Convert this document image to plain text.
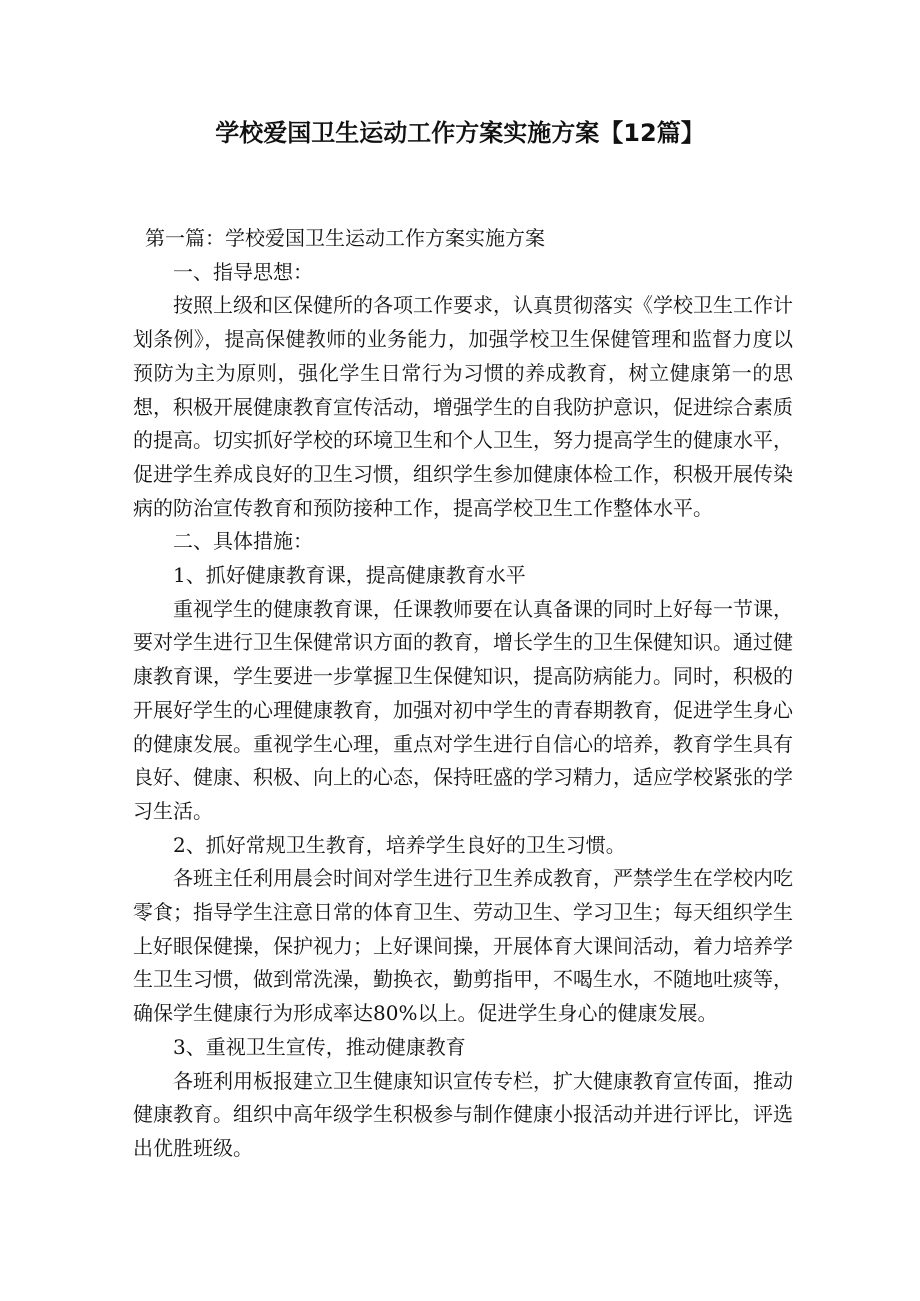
学校爱国卫生运动工作方案实施方案【12篇】

第一篇：学校爱国卫生运动工作方案实施方案

一、指导思想：

按照上级和区保健所的各项工作要求，认真贯彻落实《学校卫生工作计划条例》，提高保健教师的业务能力，加强学校卫生保健管理和监督力度以预防为主为原则，强化学生日常行为习惯的养成教育，树立健康第一的思想，积极开展健康教育宣传活动，增强学生的自我防护意识，促进综合素质的提高。切实抓好学校的环境卫生和个人卫生，努力提高学生的健康水平，促进学生养成良好的卫生习惯，组织学生参加健康体检工作，积极开展传染病的防治宣传教育和预防接种工作，提高学校卫生工作整体水平。

二、具体措施：

1、抓好健康教育课，提高健康教育水平

重视学生的健康教育课，任课教师要在认真备课的同时上好每一节课，要对学生进行卫生保健常识方面的教育，增长学生的卫生保健知识。通过健康教育课，学生要进一步掌握卫生保健知识，提高防病能力。同时，积极的开展好学生的心理健康教育，加强对初中学生的青春期教育，促进学生身心的健康发展。重视学生心理，重点对学生进行自信心的培养，教育学生具有良好、健康、积极、向上的心态，保持旺盛的学习精力，适应学校紧张的学习生活。

2、抓好常规卫生教育，培养学生良好的卫生习惯。

各班主任利用晨会时间对学生进行卫生养成教育，严禁学生在学校内吃零食；指导学生注意日常的体育卫生、劳动卫生、学习卫生；每天组织学生上好眼保健操，保护视力；上好课间操，开展体育大课间活动，着力培养学生卫生习惯，做到常洗澡，勤换衣，勤剪指甲，不喝生水，不随地吐痰等，确保学生健康行为形成率达80%以上。促进学生身心的健康发展。

3、重视卫生宣传，推动健康教育

各班利用板报建立卫生健康知识宣传专栏，扩大健康教育宣传面，推动健康教育。组织中高年级学生积极参与制作健康小报活动并进行评比，评选出优胜班级。
